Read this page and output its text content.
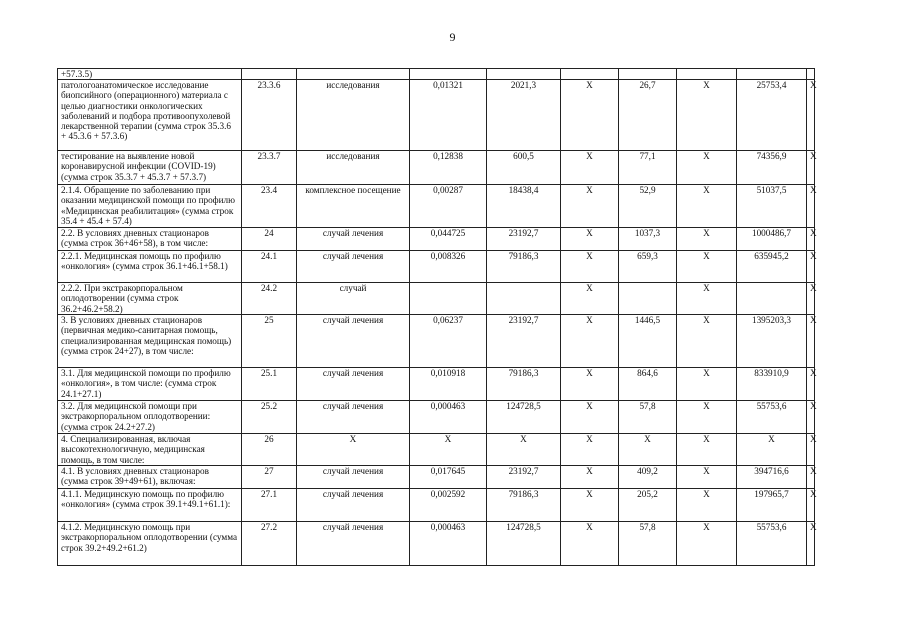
9
+57.3.5)									
патологоанатомическое исследование биопсийного (операционного) материала с целью диагностики онкологических заболеваний и подбора противоопухолевой лекарственной терапии (сумма строк 35.3.6 + 45.3.6 + 57.3.6)	23.3.6	исследования	0,01321	2021,3	X	26,7	X	25753,4	X
тестирование на выявление новой коронавирусной инфекции (COVID-19) (сумма строк 35.3.7 + 45.3.7 + 57.3.7)	23.3.7	исследования	0,12838	600,5	X	77,1	X	74356,9	X
2.1.4. Обращение по заболеванию при оказании медицинской помощи по профилю «Медицинская реабилитация» (сумма строк 35.4 + 45.4 + 57.4)	23.4	комплексное посещение	0,00287	18438,4	X	52,9	X	51037,5	X
2.2. В условиях дневных стационаров (сумма строк 36+46+58), в том числе:	24	случай лечения	0,044725	23192,7	X	1037,3	X	1000486,7	X
2.2.1. Медицинская помощь по профилю «онкология» (сумма строк 36.1+46.1+58.1)	24.1	случай лечения	0,008326	79186,3	X	659,3	X	635945,2	X
2.2.2. При экстракорпоральном оплодотворении (сумма строк 36.2+46.2+58.2)	24.2	случай			X		X		X
3. В условиях дневных стационаров (первичная медико-санитарная помощь, специализированная медицинская помощь) (сумма строк 24+27), в том числе:	25	случай лечения	0,06237	23192,7	X	1446,5	X	1395203,3	X
3.1. Для медицинской помощи по профилю «онкология», в том числе: (сумма строк 24.1+27.1)	25.1	случай лечения	0,010918	79186,3	X	864,6	X	833910,9	X
3.2. Для медицинской помощи при экстракорпоральном оплодотворении: (сумма строк 24.2+27.2)	25.2	случай лечения	0,000463	124728,5	X	57,8	X	55753,6	X
4. Специализированная, включая высокотехнологичную, медицинская помощь, в том числе:	26	X	X	X	X	X	X	X	X
4.1. В условиях дневных стационаров (сумма строк 39+49+61), включая:	27	случай лечения	0,017645	23192,7	X	409,2	X	394716,6	X
4.1.1. Медицинскую помощь по профилю «онкология» (сумма строк 39.1+49.1+61.1):	27.1	случай лечения	0,002592	79186,3	X	205,2	X	197965,7	X
4.1.2. Медицинскую помощь при экстракорпоральном оплодотворении (сумма строк 39.2+49.2+61.2)	27.2	случай лечения	0,000463	124728,5	X	57,8	X	55753,6	X
